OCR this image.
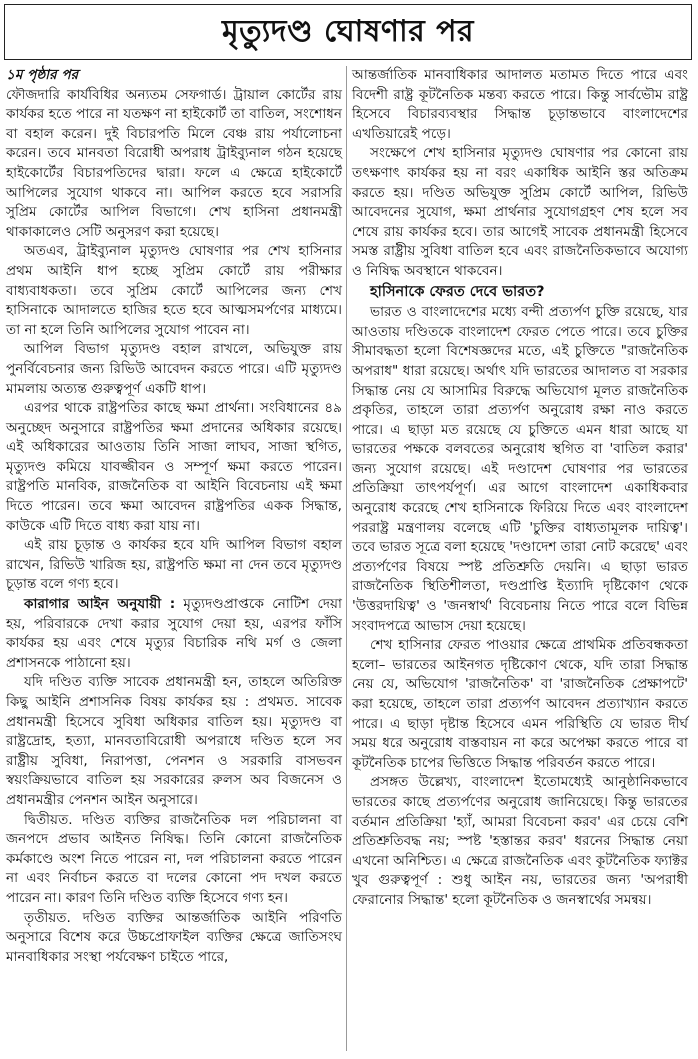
মৃত্যুদণ্ড ঘোষণার পর

১ম পৃষ্ঠার পর

ফৌজদারি কার্যবিধির অন্যতম সেফগার্ড। ট্রায়াল কোর্টের রায় কার্যকর হতে পারে না যতক্ষণ না হাইকোর্ট তা বাতিল, সংশোধন বা বহাল করেন। দুই বিচারপতি মিলে বেঞ্চ রায় পর্যালোচনা করেন। তবে মানবতা বিরোধী অপরাধ ট্রাইব্যুনাল গঠন হয়েছে হাইকোর্টের বিচারপতিদের দ্বারা। ফলে এ ক্ষেত্রে হাইকোর্টে আপিলের সুযোগ থাকবে না। আপিল করতে হবে সরাসরি সুপ্রিম কোর্টের আপিল বিভাগে। শেখ হাসিনা প্রধানমন্ত্রী থাকাকালেও সেটি অনুসরণ করা হয়েছে।

অতএব, ট্রাইব্যুনাল মৃত্যুদণ্ড ঘোষণার পর শেখ হাসিনার প্রথম আইনি ধাপ হচ্ছে সুপ্রিম কোর্টে রায় পরীক্ষার বাধ্যবাধকতা। তবে সুপ্রিম কোর্টে আপিলের জন্য শেখ হাসিনাকে আদালতে হাজির হতে হবে আত্মসমর্পণের মাধ্যমে। তা না হলে তিনি আপিলের সুযোগ পাবেন না।

আপিল বিভাগ মৃত্যুদণ্ড বহাল রাখলে, অভিযুক্ত রায় পুনর্বিবেচনার জন্য রিভিউ আবেদন করতে পারে। এটি মৃত্যুদণ্ড মামলায় অত্যন্ত গুরুত্বপূর্ণ একটি ধাপ।

এরপর থাকে রাষ্ট্রপতির কাছে ক্ষমা প্রার্থনা। সংবিধানের ৪৯ অনুচ্ছেদ অনুসারে রাষ্ট্রপতির ক্ষমা প্রদানের অধিকার রয়েছে। এই অধিকারের আওতায় তিনি সাজা লাঘব, সাজা স্থগিত, মৃত্যুদণ্ড কমিয়ে যাবজ্জীবন ও সম্পূর্ণ ক্ষমা করতে পারেন। রাষ্ট্রপতি মানবিক, রাজনৈতিক বা আইনি বিবেচনায় এই ক্ষমা দিতে পারেন। তবে ক্ষমা আবেদন রাষ্ট্রপতির একক সিদ্ধান্ত, কাউকে এটি দিতে বাধ্য করা যায় না।

এই রায় চূড়ান্ত ও কার্যকর হবে যদি আপিল বিভাগ বহাল রাখেন, রিভিউ খারিজ হয়, রাষ্ট্রপতি ক্ষমা না দেন তবে মৃত্যুদণ্ড চূড়ান্ত বলে গণ্য হবে।

কারাগার আইন অনুযায়ী : মৃত্যুদণ্ডপ্রাপ্তকে নোটিশ দেয়া হয়, পরিবারকে দেখা করার সুযোগ দেয়া হয়, এরপর ফাঁসি কার্যকর হয় এবং শেষে মৃত্যুর বিচারিক নথি মর্গ ও জেলা প্রশাসনকে পাঠানো হয়।

যদি দণ্ডিত ব্যক্তি সাবেক প্রধানমন্ত্রী হন, তাহলে অতিরিক্ত কিছু আইনি প্রশাসনিক বিষয় কার্যকর হয় : প্রথমত. সাবেক প্রধানমন্ত্রী হিসেবে সুবিধা অধিকার বাতিল হয়। মৃত্যুদণ্ড বা রাষ্ট্রদ্রোহ, হত্যা, মানবতাবিরোধী অপরাধে দণ্ডিত হলে সব রাষ্ট্রীয় সুবিধা, নিরাপত্তা, পেনশন ও সরকারি বাসভবন স্বয়ংক্রিয়ভাবে বাতিল হয় সরকারের রুলস অব বিজনেস ও প্রধানমন্ত্রীর পেনশন আইন অনুসারে।

দ্বিতীয়ত. দণ্ডিত ব্যক্তির রাজনৈতিক দল পরিচালনা বা জনপদে প্রভাব আইনত নিষিদ্ধ। তিনি কোনো রাজনৈতিক কর্মকাণ্ডে অংশ নিতে পারেন না, দল পরিচালনা করতে পারেন না এবং নির্বাচন করতে বা দলের কোনো পদ দখল করতে পারেন না। কারণ তিনি দণ্ডিত ব্যক্তি হিসেবে গণ্য হন।

তৃতীয়ত. দণ্ডিত ব্যক্তির আন্তর্জাতিক আইনি পরিণতি অনুসারে বিশেষ করে উচ্চপ্রোফাইল ব্যক্তির ক্ষেত্রে জাতিসংঘ মানবাধিকার সংস্থা পর্যবেক্ষণ চাইতে পারে,

আন্তর্জাতিক মানবাধিকার আদালত মতামত দিতে পারে এবং বিদেশী রাষ্ট্র কূটনৈতিক মন্তব্য করতে পারে। কিন্তু সার্বভৌম রাষ্ট্র হিসেবে বিচারব্যবস্থার সিদ্ধান্ত চূড়ান্তভাবে বাংলাদেশের এখতিয়ারেই পড়ে।

সংক্ষেপে শেখ হাসিনার মৃত্যুদণ্ড ঘোষণার পর কোনো রায় তৎক্ষণাৎ কার্যকর হয় না বরং একাধিক আইনি স্তর অতিক্রম করতে হয়। দণ্ডিত অভিযুক্ত সুপ্রিম কোর্টে আপিল, রিভিউ আবেদনের সুযোগ, ক্ষমা প্রার্থনার সুযোগগ্রহণ শেষ হলে সব শেষে রায় কার্যকর হবে। তার আগেই সাবেক প্রধানমন্ত্রী হিসেবে সমস্ত রাষ্ট্রীয় সুবিধা বাতিল হবে এবং রাজনৈতিকভাবে অযোগ্য ও নিষিদ্ধ অবস্থানে থাকবেন।

হাসিনাকে ফেরত দেবে ভারত?

ভারত ও বাংলাদেশের মধ্যে বন্দী প্রত্যর্পণ চুক্তি রয়েছে, যার আওতায় দণ্ডিতকে বাংলাদেশ ফেরত পেতে পারে। তবে চুক্তির সীমাবদ্ধতা হলো বিশেষজ্ঞদের মতে, এই চুক্তিতে "রাজনৈতিক অপরাধ" ধারা রয়েছে। অর্থাৎ যদি ভারতের আদালত বা সরকার সিদ্ধান্ত নেয় যে আসামির বিরুদ্ধে অভিযোগ মূলত রাজনৈতিক প্রকৃতির, তাহলে তারা প্রত্যর্পণ অনুরোধ রক্ষা নাও করতে পারে। এ ছাড়া মত রয়েছে যে চুক্তিতে এমন ধারা আছে যা ভারতের পক্ষকে বলবতের অনুরোধ স্থগিত বা 'বাতিল করার' জন্য সুযোগ রয়েছে। এই দণ্ডাদেশ ঘোষণার পর ভারতের প্রতিক্রিয়া তাৎপর্যপূর্ণ। এর আগে বাংলাদেশ একাধিকবার অনুরোধ করেছে শেখ হাসিনাকে ফিরিয়ে দিতে এবং বাংলাদেশ পররাষ্ট্র মন্ত্রণালয় বলেছে এটি 'চুক্তির বাধ্যতামূলক দায়িত্ব'। তবে ভারত সূত্রে বলা হয়েছে 'দণ্ডাদেশ তারা নোট করেছে' এবং প্রত্যর্পণের বিষয়ে স্পষ্ট প্রতিশ্রুতি দেয়নি। এ ছাড়া ভারত রাজনৈতিক স্থিতিশীলতা, দণ্ডপ্রাপ্তি ইত্যাদি দৃষ্টিকোণ থেকে 'উত্তরদায়িত্ব' ও 'জনস্বার্থ' বিবেচনায় নিতে পারে বলে বিভিন্ন সংবাদপত্রে আভাস দেয়া হয়েছে।

শেখ হাসিনার ফেরত পাওয়ার ক্ষেত্রে প্রাথমিক প্রতিবন্ধকতা হলো– ভারতের আইনগত দৃষ্টিকোণ থেকে, যদি তারা সিদ্ধান্ত নেয় যে, অভিযোগ 'রাজনৈতিক' বা 'রাজনৈতিক প্রেক্ষাপটে' করা হয়েছে, তাহলে তারা প্রত্যর্পণ আবেদন প্রত্যাখ্যান করতে পারে। এ ছাড়া দৃষ্টান্ত হিসেবে এমন পরিস্থিতি যে ভারত দীর্ঘ সময় ধরে অনুরোধ বাস্তবায়ন না করে অপেক্ষা করতে পারে বা কূটনৈতিক চাপের ভিত্তিতে সিদ্ধান্ত পরিবর্তন করতে পারে।

প্রসঙ্গত উল্লেখ্য, বাংলাদেশ ইতোমধ্যেই আনুষ্ঠানিকভাবে ভারতের কাছে প্রত্যর্পণের অনুরোধ জানিয়েছে। কিন্তু ভারতের বর্তমান প্রতিক্রিয়া 'হ্যাঁ, আমরা বিবেচনা করব' এর চেয়ে বেশি প্রতিশ্রুতিবদ্ধ নয়; স্পষ্ট 'হস্তান্তর করব' ধরনের সিদ্ধান্ত নেয়া এখনো অনিশ্চিত। এ ক্ষেত্রে রাজনৈতিক এবং কূটনৈতিক ফ্যাক্টর খুব গুরুত্বপূর্ণ : শুধু আইন নয়, ভারতের জন্য 'অপরাধী ফেরানোর সিদ্ধান্ত' হলো কূটনৈতিক ও জনস্বার্থের সমন্বয়।
